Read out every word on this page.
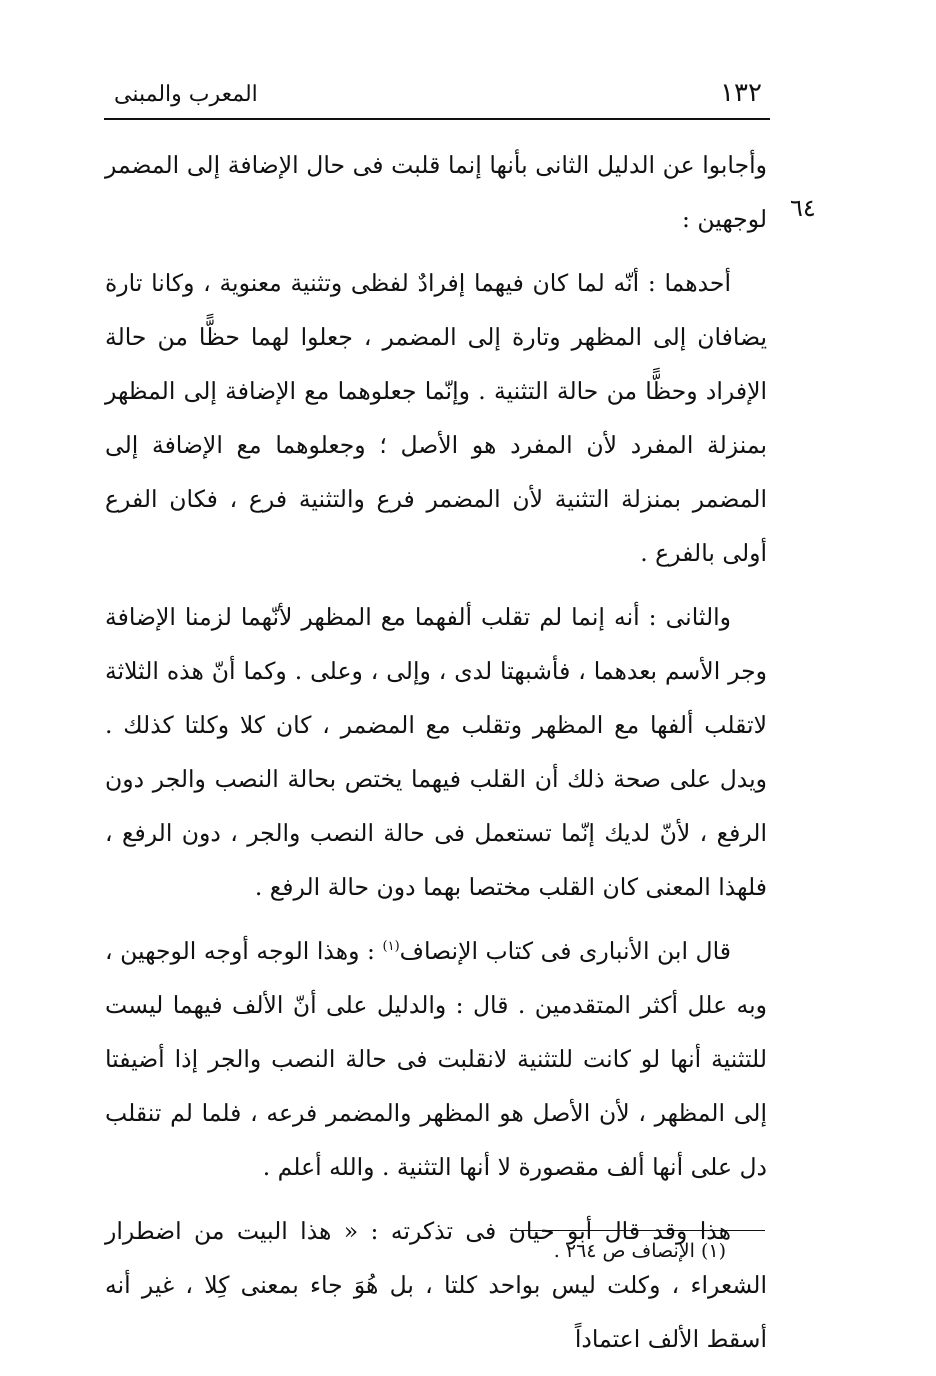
١٣٢
المعرب والمبنى
٦٤

وأجابوا عن الدليل الثانى بأنها إنما قلبت فى حال الإضافة إلى المضمر لوجهين :

أحدهما : أنّه لما كان فيهما إفرادٌ لفظى وتثنية معنوية ، وكانا تارة يضافان إلى المظهر وتارة إلى المضمر ، جعلوا لهما حظًّا من حالة الإفراد وحظًّا من حالة التثنية . وإنّما جعلوهما مع الإضافة إلى المظهر بمنزلة المفرد لأن المفرد هو الأصل ؛ وجعلوهما مع الإضافة إلى المضمر بمنزلة التثنية لأن المضمر فرع والتثنية فرع ، فكان الفرع أولى بالفرع .

والثانى : أنه إنما لم تقلب ألفهما مع المظهر لأنّهما لزمنا الإضافة وجر الأسم بعدهما ، فأشبهتا لدى ، وإلى ، وعلى . وكما أنّ هذه الثلاثة لاتقلب ألفها مع المظهر وتقلب مع المضمر ، كان كلا وكلتا كذلك . ويدل على صحة ذلك أن القلب فيهما يختص بحالة النصب والجر دون الرفع ، لأنّ لديك إنّما تستعمل فى حالة النصب والجر ، دون الرفع ، فلهذا المعنى كان القلب مختصا بهما دون حالة الرفع .

قال ابن الأنبارى فى كتاب الإنصاف$^{(١)}$ : وهذا الوجه أوجه الوجهين ، وبه علل أكثر المتقدمين . قال : والدليل على أنّ الألف فيهما ليست للتثنية أنها لو كانت للتثنية لانقلبت فى حالة النصب والجر إذا أضيفتا إلى المظهر ، لأن الأصل هو المظهر والمضمر فرعه ، فلما لم تنقلب دل على أنها ألف مقصورة لا أنها التثنية . والله أعلم .

هذا وقد قال أبو حيان فى تذكرته : « هذا البيت من اضطرار الشعراء ، وكلت ليس بواحد كلتا ، بل هُوَ جاء بمعنى كِلا ، غير أنه أسقط الألف اعتماداً

(١) الإنصاف ص ٢٦٤ .
